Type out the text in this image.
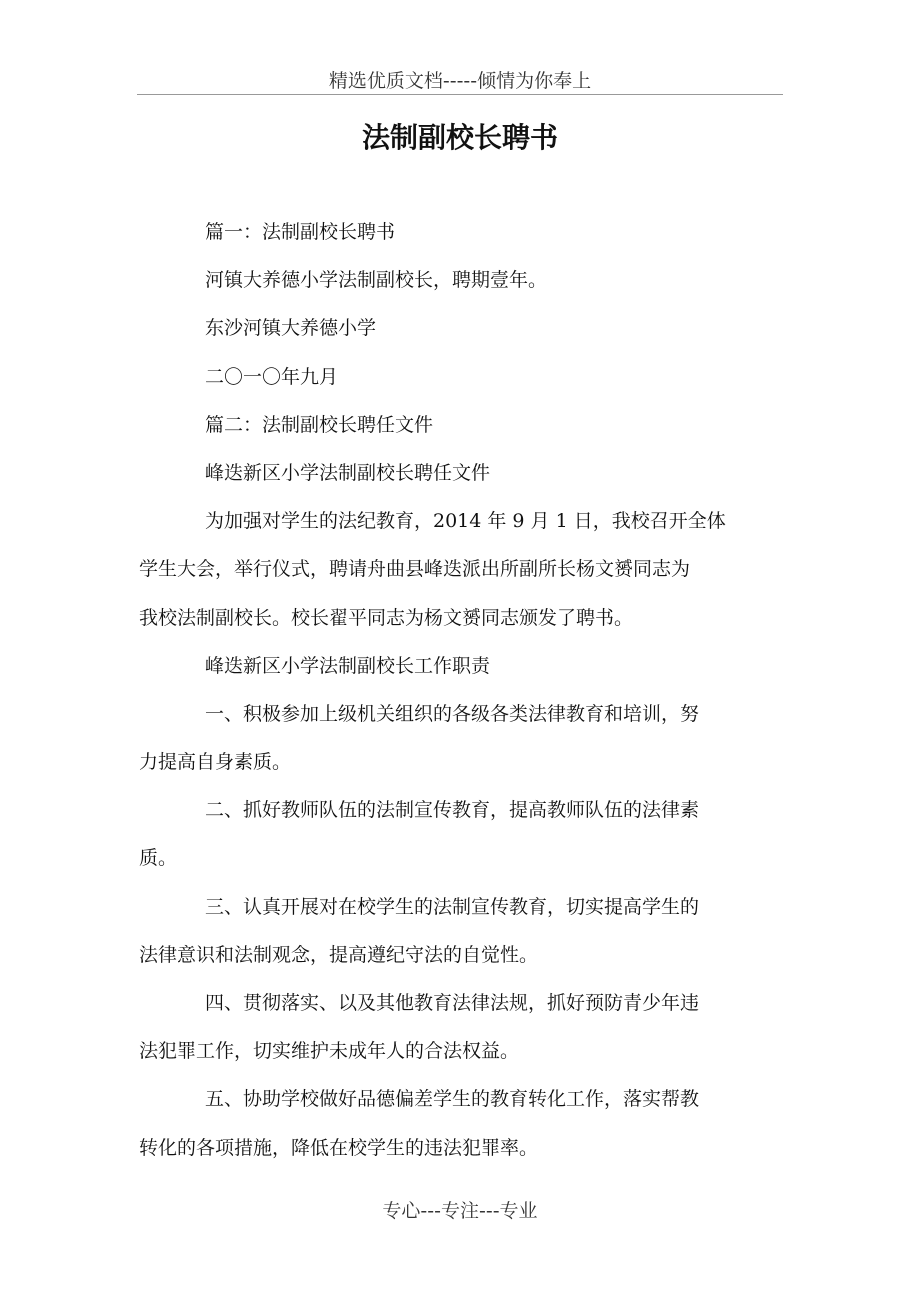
精选优质文档-----倾情为你奉上
法制副校长聘书
篇一：法制副校长聘书
河镇大养德小学法制副校长，聘期壹年。
东沙河镇大养德小学
二〇一〇年九月
篇二：法制副校长聘任文件
峰迭新区小学法制副校长聘任文件
为加强对学生的法纪教育，2014 年 9 月 1 日，我校召开全体
学生大会，举行仪式，聘请舟曲县峰迭派出所副所长杨文赟同志为
我校法制副校长。校长翟平同志为杨文赟同志颁发了聘书。
峰迭新区小学法制副校长工作职责
一、积极参加上级机关组织的各级各类法律教育和培训，努
力提高自身素质。
二、抓好教师队伍的法制宣传教育，提高教师队伍的法律素
质。
三、认真开展对在校学生的法制宣传教育，切实提高学生的
法律意识和法制观念，提高遵纪守法的自觉性。
四、贯彻落实、以及其他教育法律法规，抓好预防青少年违
法犯罪工作，切实维护未成年人的合法权益。
五、协助学校做好品德偏差学生的教育转化工作，落实帮教
转化的各项措施，降低在校学生的违法犯罪率。
专心---专注---专业
